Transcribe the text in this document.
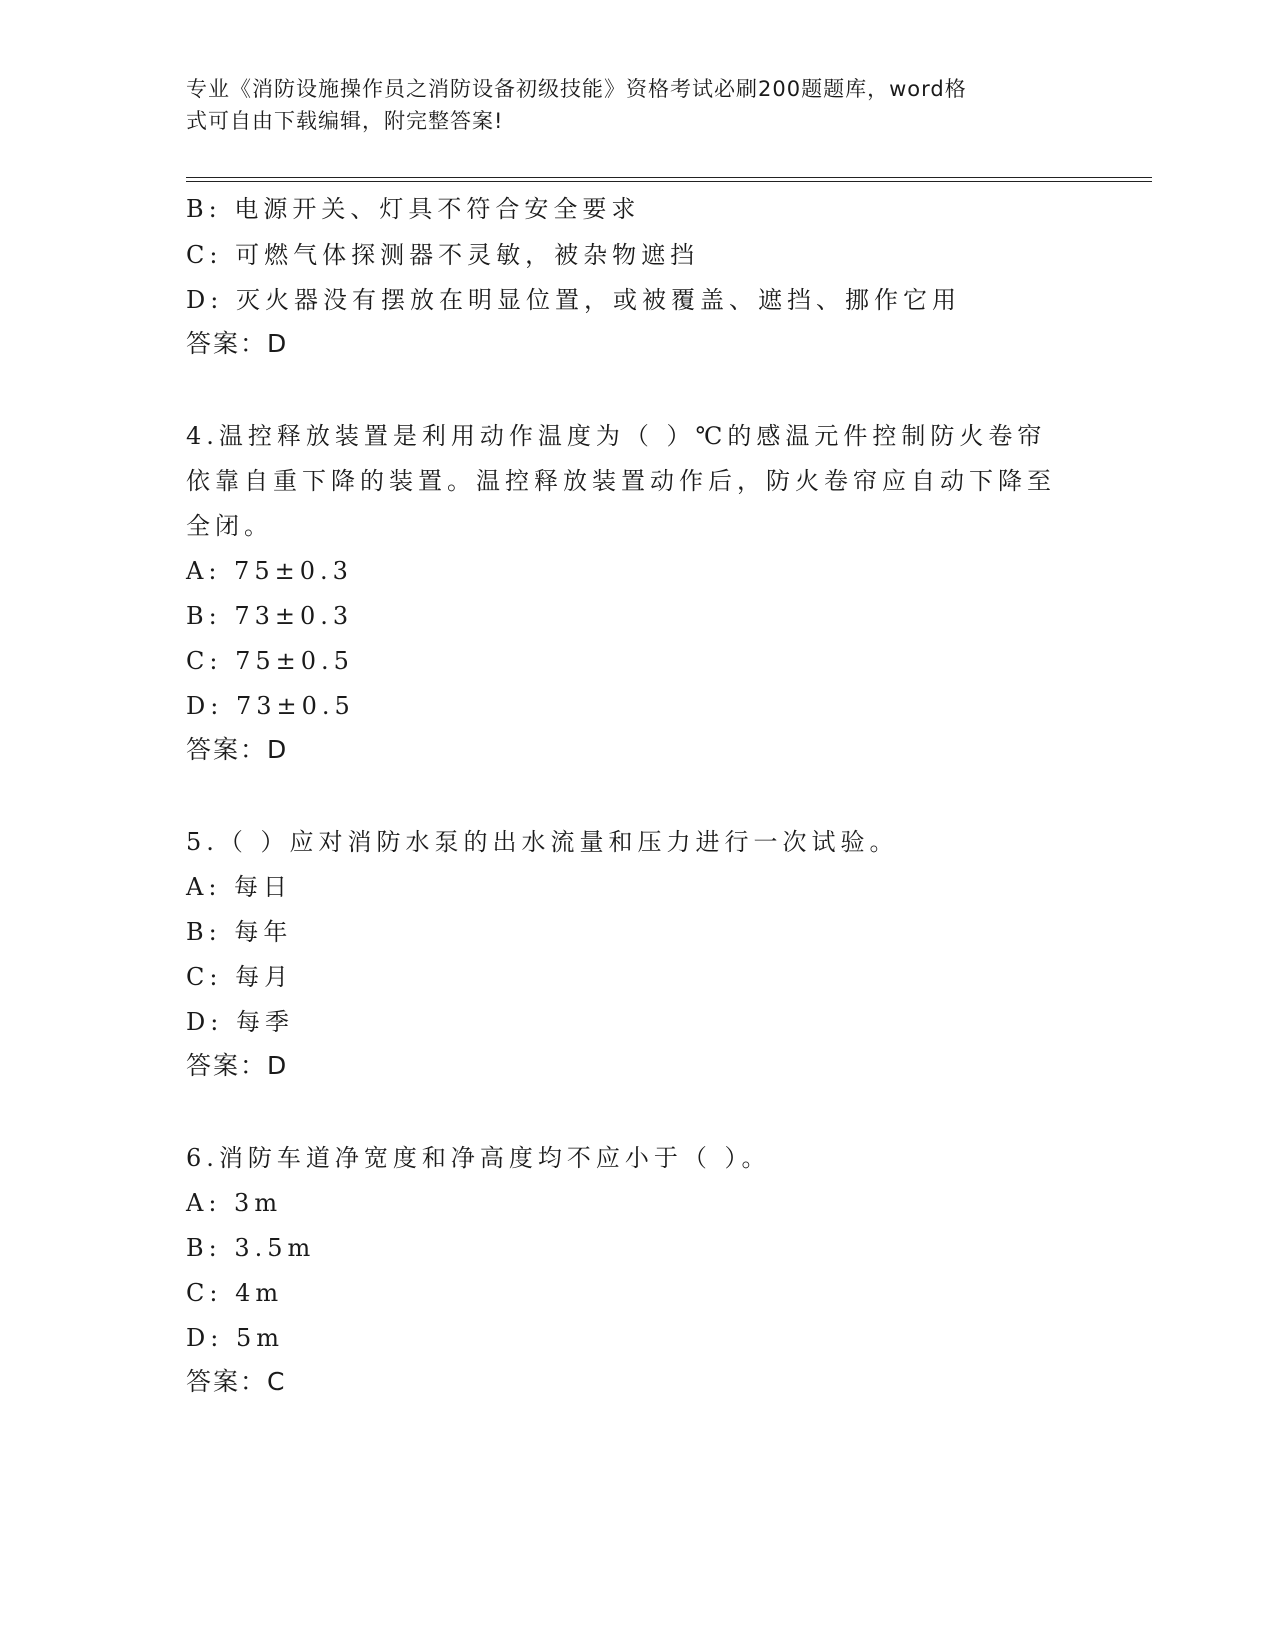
专业《消防设施操作员之消防设备初级技能》资格考试必刷200题题库，word格
式可自由下载编辑，附完整答案!
B: 电源开关、灯具不符合安全要求
C: 可燃气体探测器不灵敏，被杂物遮挡
D: 灭火器没有摆放在明显位置，或被覆盖、遮挡、挪作它用
答案：D
4.温控释放装置是利用动作温度为（ ）℃的感温元件控制防火卷帘
依靠自重下降的装置。温控释放装置动作后，防火卷帘应自动下降至
全闭。
A: 75±0.3
B: 73±0.3
C: 75±0.5
D: 73±0.5
答案：D
5.（ ）应对消防水泵的出水流量和压力进行一次试验。
A: 每日
B: 每年
C: 每月
D: 每季
答案：D
6.消防车道净宽度和净高度均不应小于（ ）。
A: 3m
B: 3.5m
C: 4m
D: 5m
答案：C
